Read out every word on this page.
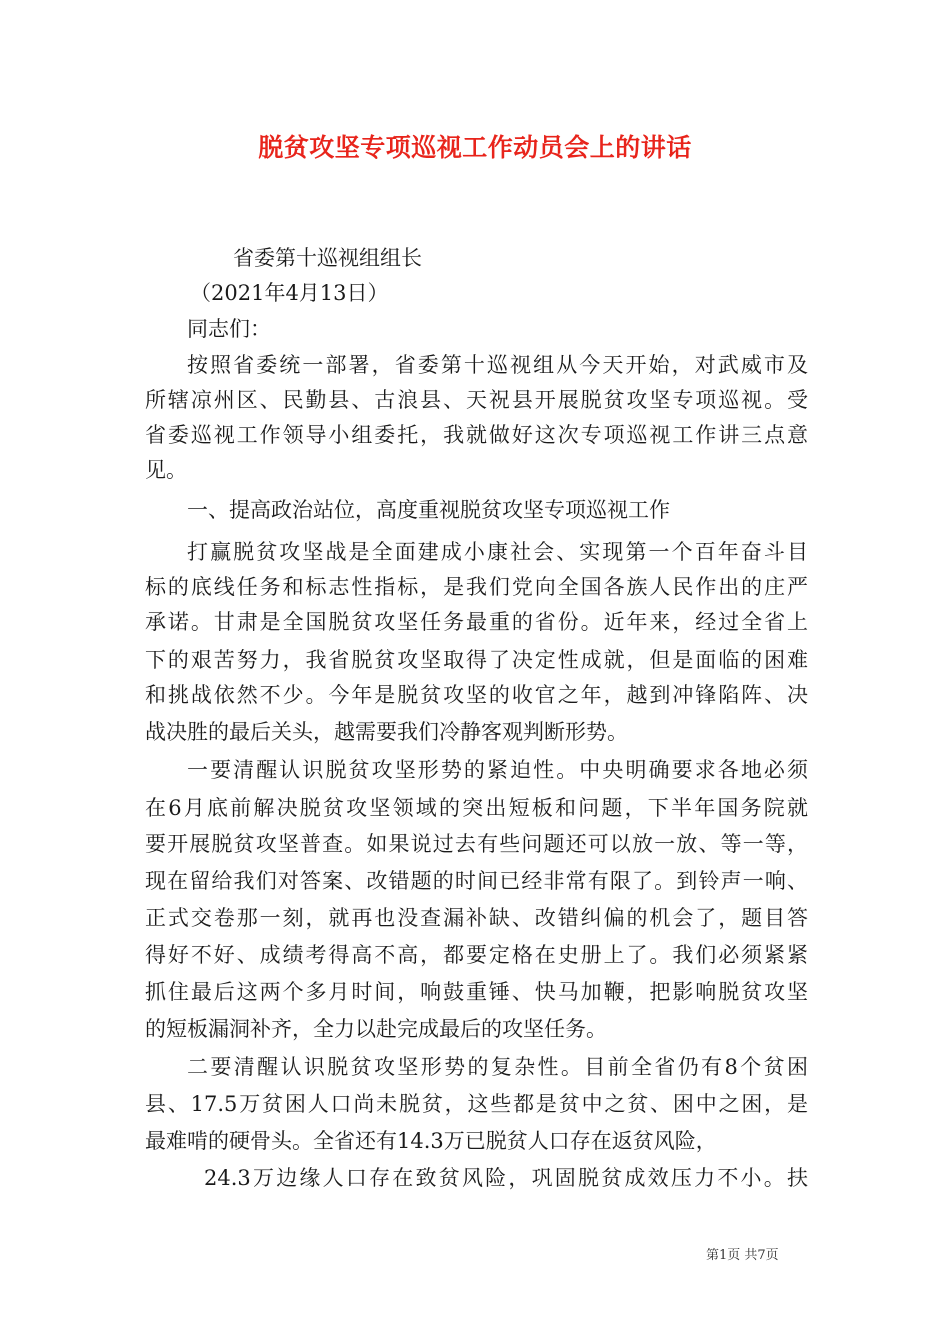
脱贫攻坚专项巡视工作动员会上的讲话
省委第十巡视组组长
（2021年4月13日）
同志们：
按照省委统一部署，省委第十巡视组从今天开始，对武威市及
所辖凉州区、民勤县、古浪县、天祝县开展脱贫攻坚专项巡视。受
省委巡视工作领导小组委托，我就做好这次专项巡视工作讲三点意
见。
一、提高政治站位，高度重视脱贫攻坚专项巡视工作
打赢脱贫攻坚战是全面建成小康社会、实现第一个百年奋斗目
标的底线任务和标志性指标，是我们党向全国各族人民作出的庄严
承诺。甘肃是全国脱贫攻坚任务最重的省份。近年来，经过全省上
下的艰苦努力，我省脱贫攻坚取得了决定性成就，但是面临的困难
和挑战依然不少。今年是脱贫攻坚的收官之年，越到冲锋陷阵、决
战决胜的最后关头，越需要我们冷静客观判断形势。
一要清醒认识脱贫攻坚形势的紧迫性。中央明确要求各地必须
在6月底前解决脱贫攻坚领域的突出短板和问题，下半年国务院就
要开展脱贫攻坚普查。如果说过去有些问题还可以放一放、等一等，
现在留给我们对答案、改错题的时间已经非常有限了。到铃声一响、
正式交卷那一刻，就再也没查漏补缺、改错纠偏的机会了，题目答
得好不好、成绩考得高不高，都要定格在史册上了。我们必须紧紧
抓住最后这两个多月时间，响鼓重锤、快马加鞭，把影响脱贫攻坚
的短板漏洞补齐，全力以赴完成最后的攻坚任务。
二要清醒认识脱贫攻坚形势的复杂性。目前全省仍有8个贫困
县、17.5万贫困人口尚未脱贫，这些都是贫中之贫、困中之困，是
最难啃的硬骨头。全省还有14.3万已脱贫人口存在返贫风险，
24.3万边缘人口存在致贫风险，巩固脱贫成效压力不小。扶
第1页 共7页
